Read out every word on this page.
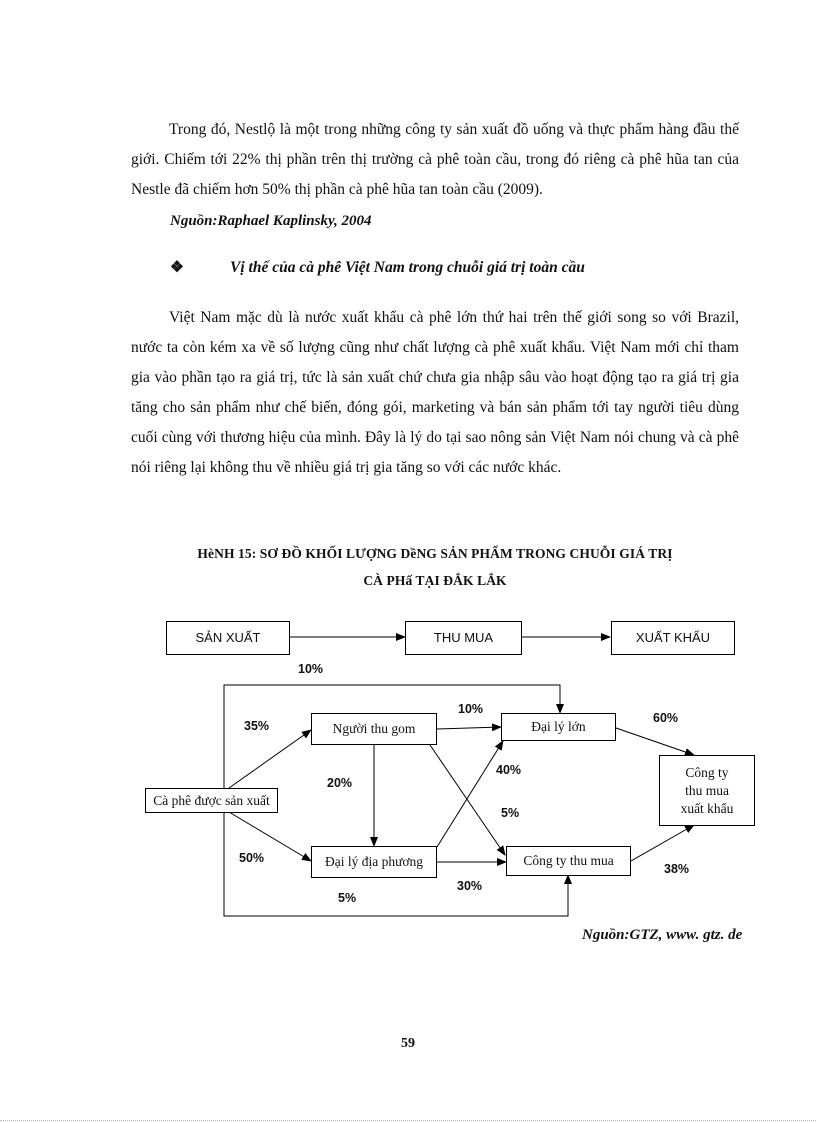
Trong đó, Nestlộ là một trong những công ty sản xuất đồ uống và thực phẩm hàng đầu thế giới. Chiếm tới 22% thị phần trên thị trường cà phê toàn cầu, trong đó riêng cà phê hũa tan của Nestle đã chiếm hơn 50% thị phần cà phê hũa tan toàn cầu (2009).

Nguồn:Raphael Kaplinsky, 2004
❖	Vị thế của cà phê Việt Nam trong chuỗi giá trị toàn cầu

Việt Nam mặc dù là nước xuất khẩu cà phê lớn thứ hai trên thế giới song so với Brazil, nước ta còn kém xa về số lượng cũng như chất lượng cà phê xuất khẩu. Việt Nam mới chỉ tham gia vào phần tạo ra giá trị, tức là sản xuất chứ chưa gia nhập sâu vào hoạt động tạo ra giá trị gia tăng cho sản phẩm như chế biến, đóng gói, marketing và bán sản phẩm tới tay người tiêu dùng cuối cùng với thương hiệu của mình. Đây là lý do tại sao nông sản Việt Nam nói chung và cà phê nói riêng lại không thu về nhiều giá trị gia tăng so với các nước khác.

HèNH 15: SƠ ĐỒ KHỐI LƯỢNG DềNG SẢN PHẨM TRONG CHUỖI GIÁ TRỊ
CÀ PHấ TẠI ĐẮK LẮK
SẢN XUẤT	THU MUA	XUẤT KHẨU
Cà phê được sản xuất
Người thu gom
Đại lý địa phương
Đại lý lớn
Công ty thu mua
Công ty
thu mua
xuất khẩu
10%
35%
50%
5%
10%
20%
40%
5%
30%
60%
38%
Nguồn:GTZ, www. gtz. de
59
